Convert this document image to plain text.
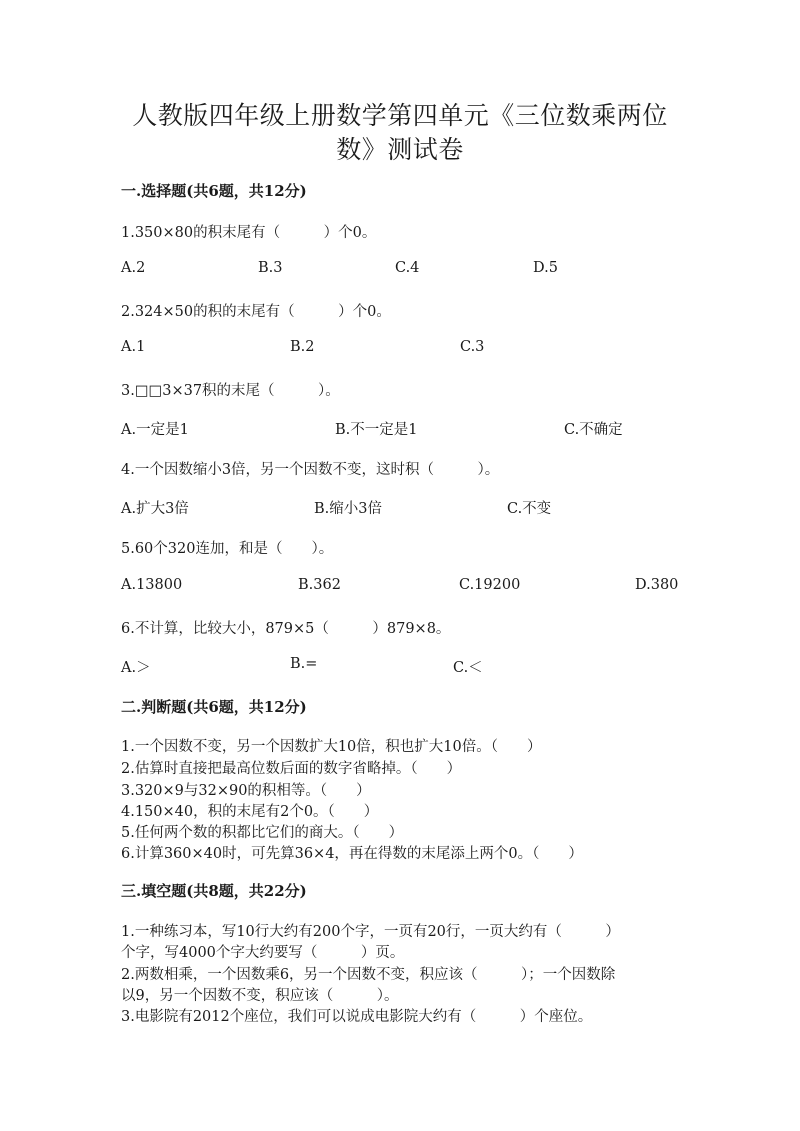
人教版四年级上册数学第四单元《三位数乘两位
数》测试卷
一.选择题(共6题，共12分)
1.350×80的积末尾有（　　　）个0。
A.2	B.3	C.4	D.5
2.324×50的积的末尾有（　　　）个0。
A.1	B.2	C.3
3.□□3×37积的末尾（　　　）。
A.一定是1	B.不一定是1	C.不确定
4.一个因数缩小3倍，另一个因数不变，这时积（　　　）。
A.扩大3倍	B.缩小3倍	C.不变
5.60个320连加，和是（　　）。
A.13800	B.362	C.19200	D.380
6.不计算，比较大小，879×5（　　　）879×8。
A.＞	B.=	C.＜
二.判断题(共6题，共12分)
1.一个因数不变，另一个因数扩大10倍，积也扩大10倍。（　　）
2.估算时直接把最高位数后面的数字省略掉。（　　）
3.320×9与32×90的积相等。（　　）
4.150×40，积的末尾有2个0。（　　）
5.任何两个数的积都比它们的商大。（　　）
6.计算360×40时，可先算36×4，再在得数的末尾添上两个0。（　　）
三.填空题(共8题，共22分)
1.一种练习本，写10行大约有200个字，一页有20行，一页大约有（　　　）
个字，写4000个字大约要写（　　　）页。
2.两数相乘，一个因数乘6，另一个因数不变，积应该（　　　）；一个因数除
以9，另一个因数不变，积应该（　　　）。
3.电影院有2012个座位，我们可以说成电影院大约有（　　　）个座位。
